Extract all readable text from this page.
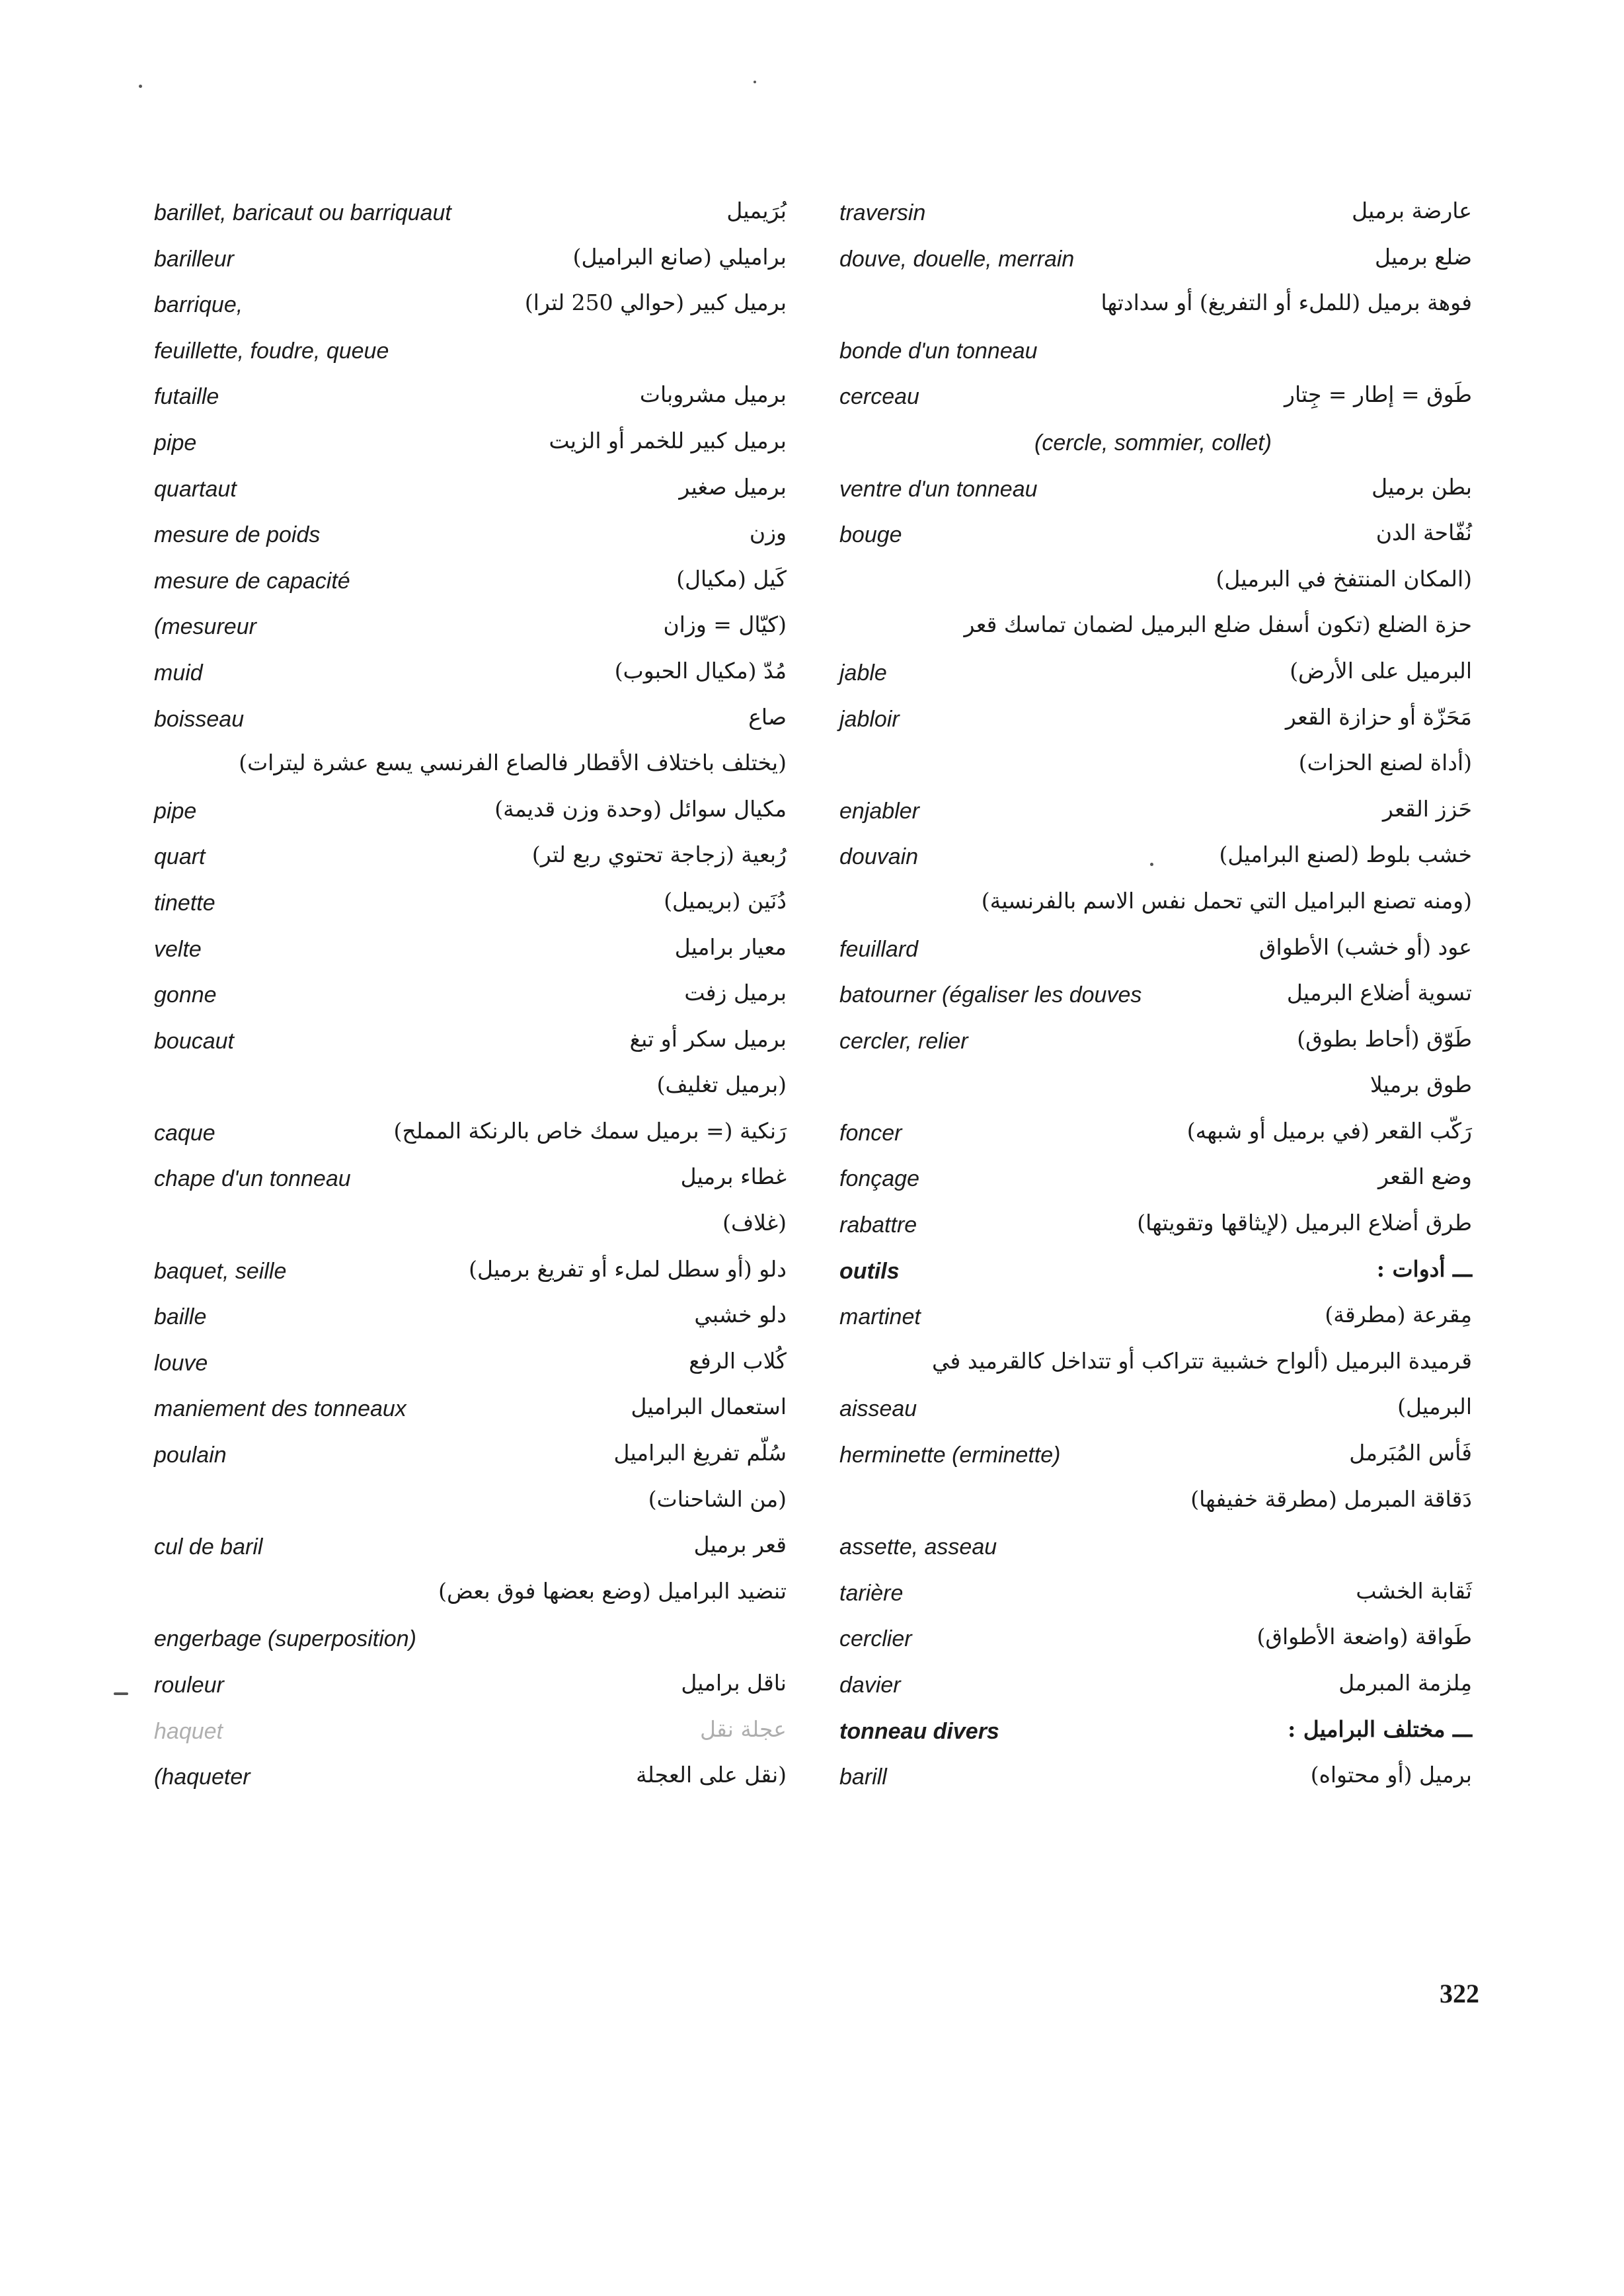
traversin	عارضة برميل
douve, douelle, merrain	ضلع برميل
فوهة برميل (للملء أو التفريغ) أو سدادتها
bonde d'un tonneau
cerceau	طَوق = إطار = جِتار
(cercle, sommier, collet)
ventre d'un tonneau	بطن برميل
bouge	نُفّاحة الدن
(المكان المنتفخ في البرميل)
حزة الضلع (تكون أسفل ضلع البرميل لضمان تماسك قعر
jable	البرميل على الأرض)
jabloir	مَحَزّة أو حزازة القعر
(أداة لصنع الحزات)
enjabler	حَزز القعر
douvain	خشب بلوط (لصنع البراميل)
(ومنه تصنع البراميل التي تحمل نفس الاسم بالفرنسية)
feuillard	عود (أو خشب) الأطواق
batourner (égaliser les douves	تسوية أضلاع البرميل
cercler, relier	طَوّق (أحاط بطوق)
طوق برميلا
foncer	رَكّب القعر (في برميل أو شبهه)
fonçage	وضع القعر
rabattre	طرق أضلاع البرميل (لإيثاقها وتقويتها)
outils	ـــ أدوات :
martinet	مِقرعة (مطرقة)
قرميدة البرميل (ألواح خشبية تتراكب أو تتداخل كالقرميد في
aisseau	البرميل)
herminette (erminette)	فَأس المُبَرمل
دَقاقة المبرمل (مطرقة خفيفها)
assette, asseau
tarière	ثَقابة الخشب
cerclier	طَواقة (واضعة الأطواق)
davier	مِلزمة المبرمل
tonneau divers	ـــ مختلف البراميل :
barill	برميل (أو محتواه)
barillet, baricaut ou barriquaut	بُرَيميل
barilleur	براميلي (صانع البراميل)
barrique,	برميل كبير (حوالي 250 لترا)
feuillette, foudre, queue
futaille	برميل مشروبات
pipe	برميل كبير للخمر أو الزيت
quartaut	برميل صغير
mesure de poids	وزن
mesure de capacité	كَيل (مكيال)
(mesureur	(كيّال = وزان
muid	مُدّ (مكيال الحبوب)
boisseau	صاع
(يختلف باختلاف الأقطار فالصاع الفرنسي يسع عشرة ليترات)
pipe	مكيال سوائل (وحدة وزن قديمة)
quart	رُبعية (زجاجة تحتوي ربع لتر)
tinette	دُنَين (بريميل)
velte	معيار براميل
gonne	برميل زفت
boucaut	برميل سكر أو تبغ
(برميل تغليف)
caque	رَنكية (= برميل سمك خاص بالرنكة المملح)
chape d'un tonneau	غطاء برميل
(غلاف)
baquet, seille	دلو (أو سطل لملء أو تفريغ برميل)
baille	دلو خشبي
louve	كُلاب الرفع
maniement des tonneaux	استعمال البراميل
poulain	سُلّم تفريغ البراميل
(من الشاحنات)
cul de baril	قعر برميل
تنضيد البراميل (وضع بعضها فوق بعض)
engerbage (superposition)
rouleur	ناقل براميل
haquet	عجلة نقل
(haqueter	(نقل على العجلة
322
